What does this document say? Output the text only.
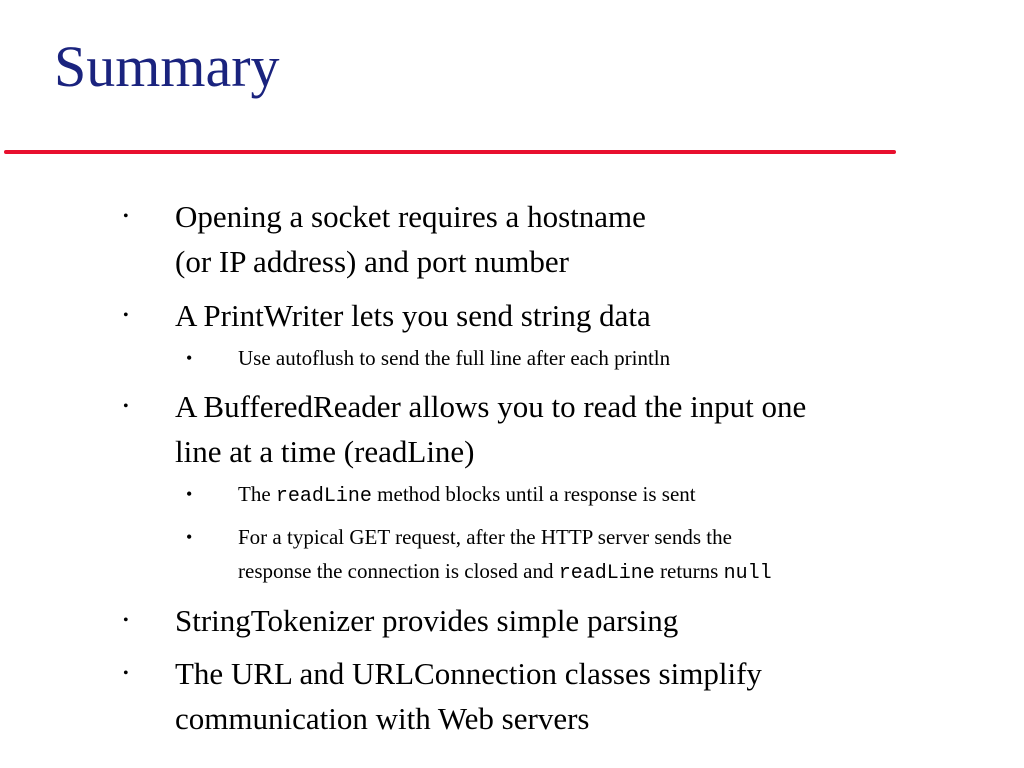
Summary
• Opening a socket requires a hostname
(or IP address) and port number
• A PrintWriter lets you send string data
• Use autoflush to send the full line after each println
• A BufferedReader allows you to read the input one
line at a time (readLine)
• The readLine method blocks until a response is sent
• For a typical GET request, after the HTTP server sends the
response the connection is closed and readLine returns null
• StringTokenizer provides simple parsing
• The URL and URLConnection classes simplify
communication with Web servers
